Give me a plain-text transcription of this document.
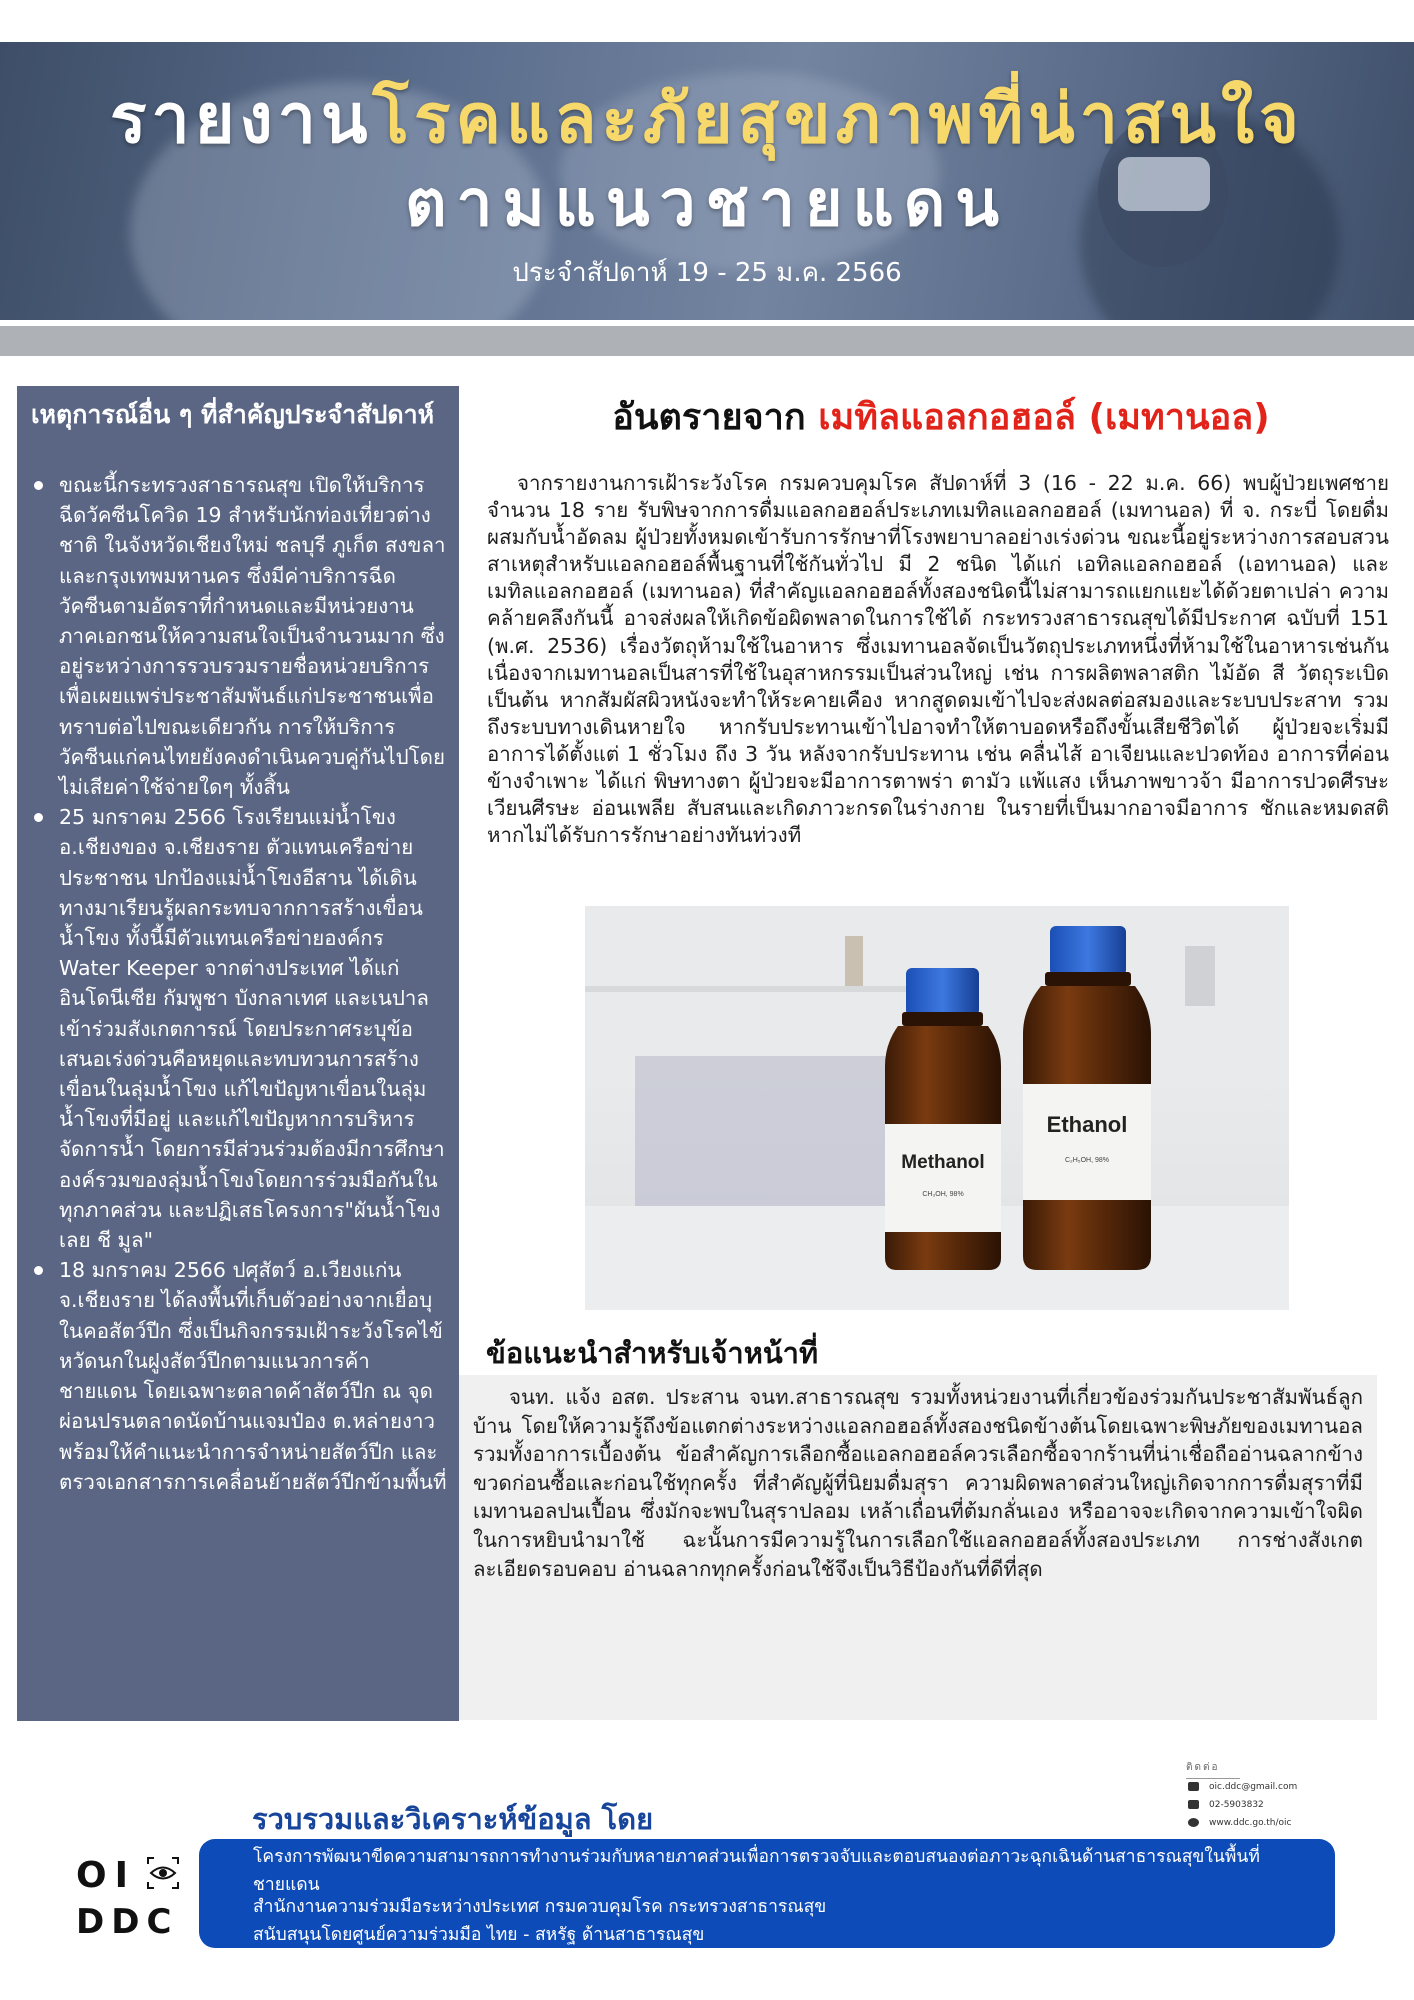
รายงานโรคและภัยสุขภาพที่น่าสนใจ
ตามแนวชายแดน
ประจำสัปดาห์ 19 - 25 ม.ค. 2566
เหตุการณ์อื่น ๆ ที่สำคัญประจำสัปดาห์
ขณะนี้กระทรวงสาธารณสุข เปิดให้บริการฉีดวัคซีนโควิด 19 สำหรับนักท่องเที่ยวต่างชาติ ในจังหวัดเชียงใหม่ ชลบุรี ภูเก็ต สงขลาและกรุงเทพมหานคร ซึ่งมีค่าบริการฉีดวัคซีนตามอัตราที่กำหนดและมีหน่วยงานภาคเอกชนให้ความสนใจเป็นจำนวนมาก ซึ่งอยู่ระหว่างการรวบรวมรายชื่อหน่วยบริการเพื่อเผยแพร่ประชาสัมพันธ์แก่ประชาชนเพื่อทราบต่อไปขณะเดียวกัน การให้บริการวัคซีนแก่คนไทยยังคงดำเนินควบคู่กันไปโดยไม่เสียค่าใช้จ่ายใดๆ ทั้งสิ้น
25 มกราคม 2566 โรงเรียนแม่น้ำโขง อ.เชียงของ จ.เชียงราย ตัวแทนเครือข่ายประชาชน ปกป้องแม่น้ำโขงอีสาน ได้เดินทางมาเรียนรู้ผลกระทบจากการสร้างเขื่อนน้ำโขง ทั้งนี้มีตัวแทนเครือข่ายองค์กร Water Keeper จากต่างประเทศ ได้แก่ อินโดนีเซีย กัมพูชา บังกลาเทศ และเนปาลเข้าร่วมสังเกตการณ์ โดยประกาศระบุข้อเสนอเร่งด่วนคือหยุดและทบทวนการสร้างเขื่อนในลุ่มน้ำโขง แก้ไขปัญหาเขื่อนในลุ่มน้ำโขงที่มีอยู่ และแก้ไขปัญหาการบริหารจัดการน้ำ โดยการมีส่วนร่วมต้องมีการศึกษาองค์รวมของลุ่มน้ำโขงโดยการร่วมมือกันในทุกภาคส่วน และปฏิเสธโครงการ"ผันน้ำโขง เลย ชี มูล"
18 มกราคม 2566 ปศุสัตว์ อ.เวียงแก่น จ.เชียงราย ได้ลงพื้นที่เก็บตัวอย่างจากเยื่อบุในคอสัตว์ปีก ซึ่งเป็นกิจกรรมเฝ้าระวังโรคไข้หวัดนกในฝูงสัตว์ปีกตามแนวการค้าชายแดน โดยเฉพาะตลาดค้าสัตว์ปีก ณ จุดผ่อนปรนตลาดนัดบ้านแจมป๋อง ต.หล่ายงาวพร้อมให้คำแนะนำการจำหน่ายสัตว์ปีก และตรวจเอกสารการเคลื่อนย้ายสัตว์ปีกข้ามพื้นที่
อันตรายจาก เมทิลแอลกอฮอล์ (เมทานอล)

จากรายงานการเฝ้าระวังโรค กรมควบคุมโรค สัปดาห์ที่ 3 (16 - 22 ม.ค. 66) พบผู้ป่วยเพศชาย จำนวน 18 ราย รับพิษจากการดื่มแอลกอฮอล์ประเภทเมทิลแอลกอฮอล์ (เมทานอล) ที่ จ. กระบี่ โดยดื่มผสมกับน้ำอัดลม ผู้ป่วยทั้งหมดเข้ารับการรักษาที่โรงพยาบาลอย่างเร่งด่วน ขณะนี้อยู่ระหว่างการสอบสวนสาเหตุสำหรับแอลกอฮอล์พื้นฐานที่ใช้กันทั่วไป มี 2 ชนิด ได้แก่ เอทิลแอลกอฮอล์ (เอทานอล) และเมทิลแอลกอฮอล์ (เมทานอล) ที่สำคัญแอลกอฮอล์ทั้งสองชนิดนี้ไม่สามารถแยกแยะได้ด้วยตาเปล่า ความคล้ายคลึงกันนี้ อาจส่งผลให้เกิดข้อผิดพลาดในการใช้ได้ กระทรวงสาธารณสุขได้มีประกาศ ฉบับที่ 151 (พ.ศ. 2536) เรื่องวัตถุห้ามใช้ในอาหาร ซึ่งเมทานอลจัดเป็นวัตถุประเภทหนึ่งที่ห้ามใช้ในอาหารเช่นกัน เนื่องจากเมทานอลเป็นสารที่ใช้ในอุสาหกรรมเป็นส่วนใหญ่ เช่น การผลิตพลาสติก ไม้อัด สี วัตถุระเบิดเป็นต้น หากสัมผัสผิวหนังจะทำให้ระคายเคือง หากสูดดมเข้าไปจะส่งผลต่อสมองและระบบประสาท รวมถึงระบบทางเดินหายใจ หากรับประทานเข้าไปอาจทำให้ตาบอดหรือถึงขั้นเสียชีวิตได้ ผู้ป่วยจะเริ่มมีอาการได้ตั้งแต่ 1 ชั่วโมง ถึง 3 วัน หลังจากรับประทาน เช่น คลื่นไส้ อาเจียนและปวดท้อง อาการที่ค่อนข้างจำเพาะ ได้แก่ พิษทางตา ผู้ป่วยจะมีอาการตาพร่า ตามัว แพ้แสง เห็นภาพขาวจ้า มีอาการปวดศีรษะ เวียนศีรษะ อ่อนเพลีย สับสนและเกิดภาวะกรดในร่างกาย ในรายที่เป็นมากอาจมีอาการ ชักและหมดสติ หากไม่ได้รับการรักษาอย่างทันท่วงที

Methanol
CH₃OH, 98%
Ethanol
C₂H₅OH, 98%
ข้อแนะนำสำหรับเจ้าหน้าที่

จนท. แจ้ง อสต. ประสาน จนท.สาธารณสุข รวมทั้งหน่วยงานที่เกี่ยวข้องร่วมกันประชาสัมพันธ์ลูกบ้าน โดยให้ความรู้ถึงข้อแตกต่างระหว่างแอลกอฮอล์ทั้งสองชนิดข้างต้นโดยเฉพาะพิษภัยของเมทานอล รวมทั้งอาการเบื้องต้น ข้อสำคัญการเลือกซื้อแอลกอฮอล์ควรเลือกซื้อจากร้านที่น่าเชื่อถืออ่านฉลากข้างขวดก่อนซื้อและก่อนใช้ทุกครั้ง ที่สำคัญผู้ที่นิยมดื่มสุรา ความผิดพลาดส่วนใหญ่เกิดจากการดื่มสุราที่มีเมทานอลปนเปื้อน ซึ่งมักจะพบในสุราปลอม เหล้าเถื่อนที่ต้มกลั่นเอง หรืออาจจะเกิดจากความเข้าใจผิดในการหยิบนำมาใช้ ฉะนั้นการมีความรู้ในการเลือกใช้แอลกอฮอล์ทั้งสองประเภท การช่างสังเกต ละเอียดรอบคอบ อ่านฉลากทุกครั้งก่อนใช้จึงเป็นวิธีป้องกันที่ดีที่สุด

ติดต่อ
oic.ddc@gmail.com
02-5903832
www.ddc.go.th/oic
รวบรวมและวิเคราะห์ข้อมูล โดย

โครงการพัฒนาขีดความสามารถการทำงานร่วมกับหลายภาคส่วนเพื่อการตรวจจับและตอบสนองต่อภาวะฉุกเฉินด้านสาธารณสุขในพื้นที่ชายแดน

สำนักงานความร่วมมือระหว่างประเทศ กรมควบคุมโรค กระทรวงสาธารณสุข

สนับสนุนโดยศูนย์ความร่วมมือ ไทย - สหรัฐ ด้านสาธารณสุข

OI
DDC
